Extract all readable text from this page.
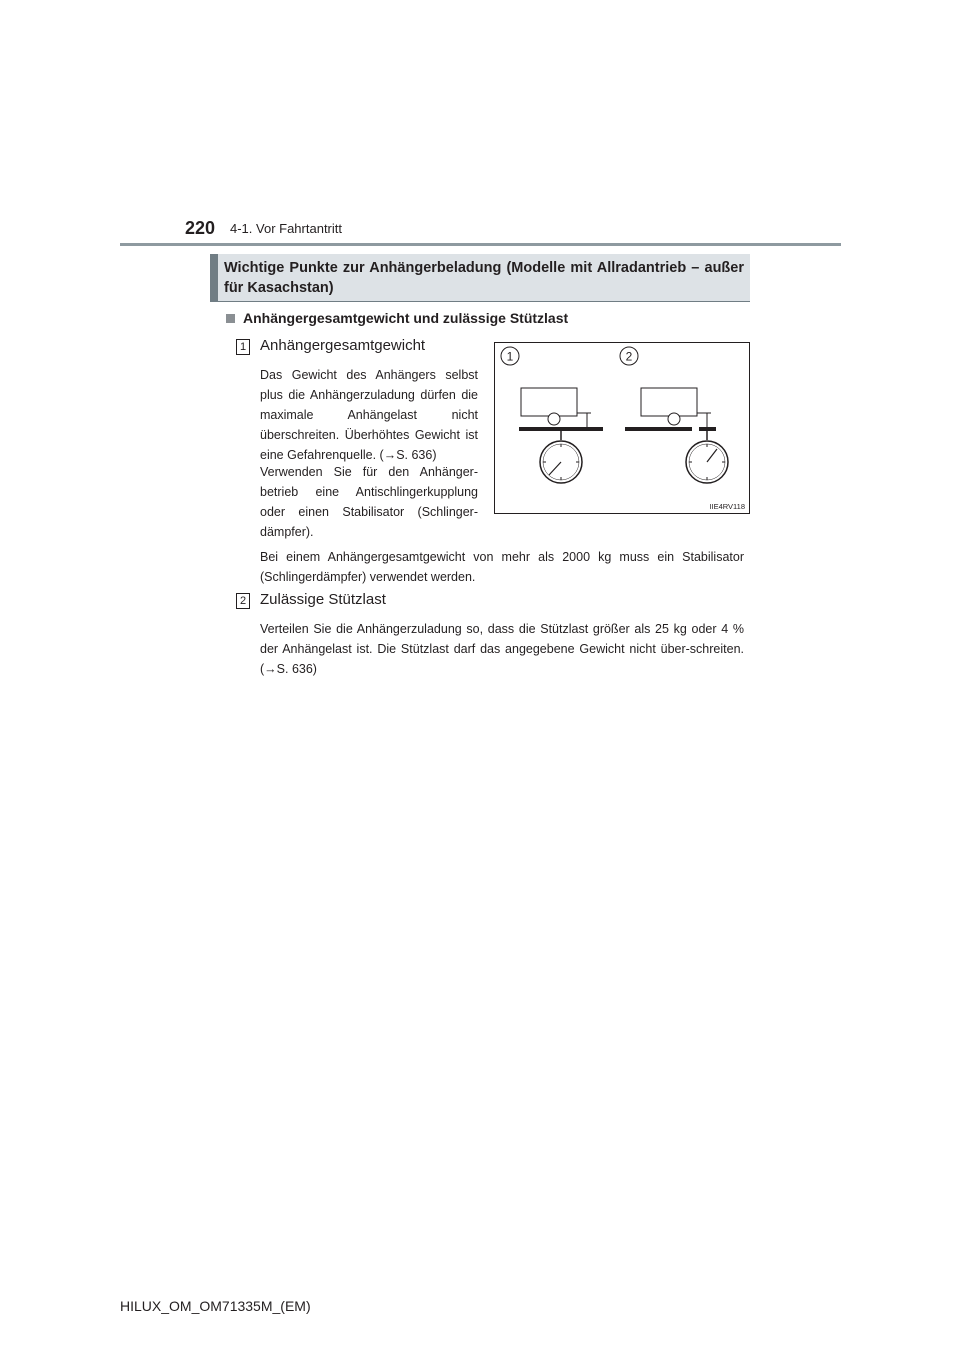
220 4-1. Vor Fahrtantritt
Wichtige Punkte zur Anhängerbeladung (Modelle mit Allradantrieb – außer für Kasachstan)
Anhängergesamtgewicht und zulässige Stützlast
1 Anhängergesamtgewicht
Das Gewicht des Anhängers selbst plus die Anhängerzuladung dürfen die maximale Anhängelast nicht überschreiten. Überhöhtes Gewicht ist eine Gefahrenquelle. (→S. 636)
Verwenden Sie für den Anhänger-betrieb eine Antischlingerkupplung oder einen Stabilisator (Schlinger-dämpfer).
Bei einem Anhängergesamtgewicht von mehr als 2000 kg muss ein Stabilisator (Schlingerdämpfer) verwendet werden.
2 Zulässige Stützlast
Verteilen Sie die Anhängerzuladung so, dass die Stützlast größer als 25 kg oder 4 % der Anhängelast ist. Die Stützlast darf das angegebene Gewicht nicht über-schreiten. (→S. 636)
1	2
IIE4RV118
HILUX_OM_OM71335M_(EM)
